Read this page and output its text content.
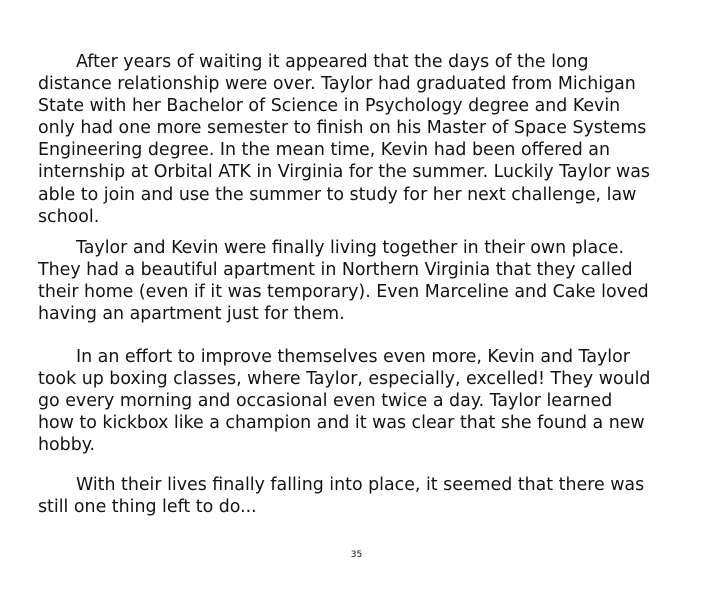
After years of waiting it appeared that the days of the long
distance relationship were over. Taylor had graduated from Michigan
State with her Bachelor of Science in Psychology degree and Kevin
only had one more semester to finish on his Master of Space Systems
Engineering degree. In the mean time, Kevin had been offered an
internship at Orbital ATK in Virginia for the summer. Luckily Taylor was
able to join and use the summer to study for her next challenge, law
school.
Taylor and Kevin were finally living together in their own place.
They had a beautiful apartment in Northern Virginia that they called
their home (even if it was temporary). Even Marceline and Cake loved
having an apartment just for them.
In an effort to improve themselves even more, Kevin and Taylor
took up boxing classes, where Taylor, especially, excelled! They would
go every morning and occasional even twice a day. Taylor learned
how to kickbox like a champion and it was clear that she found a new
hobby.
With their lives finally falling into place, it seemed that there was
still one thing left to do...
35
